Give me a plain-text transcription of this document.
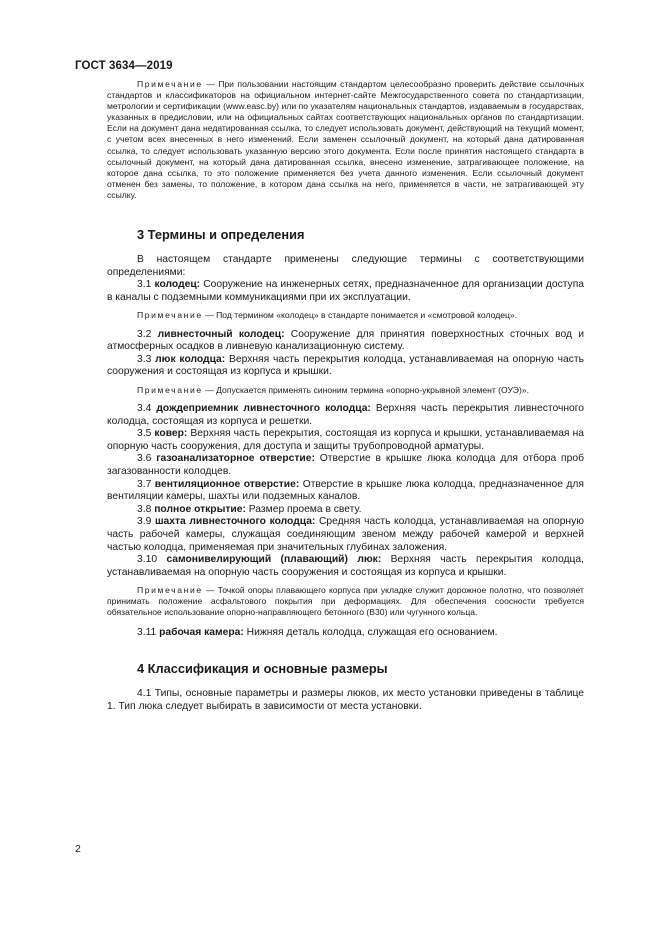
ГОСТ 3634—2019

Примечание — При пользовании настоящим стандартом целесообразно проверить действие ссылочных стандартов и классификаторов на официальном интернет-сайте Межгосударственного совета по стандартизации, метрологии и сертификации (www.easc.by) или по указателям национальных стандартов, издаваемым в государствах, указанных в предисловии, или на официальных сайтах соответствующих национальных органов по стандартизации. Если на документ дана недатированная ссылка, то следует использовать документ, действующий на текущий момент, с учетом всех внесенных в него изменений. Если заменен ссылочный документ, на который дана датированная ссылка, то следует использовать указанную версию этого документа. Если после принятия настоящего стандарта в ссылочный документ, на который дана датированная ссылка, внесено изменение, затрагивающее положение, на которое дана ссылка, то это положение применяется без учета данного изменения. Если ссылочный документ отменен без замены, то положение, в котором дана ссылка на него, применяется в части, не затрагивающей эту ссылку.

3 Термины и определения

В настоящем стандарте применены следующие термины с соответствующими определениями:

3.1 колодец: Сооружение на инженерных сетях, предназначенное для организации доступа в каналы с подземными коммуникациями при их эксплуатации.

Примечание — Под термином «колодец» в стандарте понимается и «смотровой колодец».

3.2 ливнесточный колодец: Сооружение для принятия поверхностных сточных вод и атмосферных осадков в ливневую канализационную систему.

3.3 люк колодца: Верхняя часть перекрытия колодца, устанавливаемая на опорную часть сооружения и состоящая из корпуса и крышки.

Примечание — Допускается применять синоним термина «опорно-укрывной элемент (ОУЭ)».

3.4 дождеприемник ливнесточного колодца: Верхняя часть перекрытия ливнесточного колодца, состоящая из корпуса и решетки.

3.5 ковер: Верхняя часть перекрытия, состоящая из корпуса и крышки, устанавливаемая на опорную часть сооружения, для доступа и защиты трубопроводной арматуры.

3.6 газоанализаторное отверстие: Отверстие в крышке люка колодца для отбора проб загазованности колодцев.

3.7 вентиляционное отверстие: Отверстие в крышке люка колодца, предназначенное для вентиляции камеры, шахты или подземных каналов.

3.8 полное открытие: Размер проема в свету.

3.9 шахта ливнесточного колодца: Средняя часть колодца, устанавливаемая на опорную часть рабочей камеры, служащая соединяющим звеном между рабочей камерой и верхней частью колодца, применяемая при значительных глубинах заложения.

3.10 самонивелирующий (плавающий) люк: Верхняя часть перекрытия колодца, устанавливаемая на опорную часть сооружения и состоящая из корпуса и крышки.

Примечание — Точкой опоры плавающего корпуса при укладке служит дорожное полотно, что позволяет принимать положение асфальтового покрытия при деформациях. Для обеспечения соосности требуется обязательное использование опорно-направляющего бетонного (В30) или чугунного кольца.

3.11 рабочая камера: Нижняя деталь колодца, служащая его основанием.

4 Классификация и основные размеры

4.1 Типы, основные параметры и размеры люков, их место установки приведены в таблице 1. Тип люка следует выбирать в зависимости от места установки.

2
